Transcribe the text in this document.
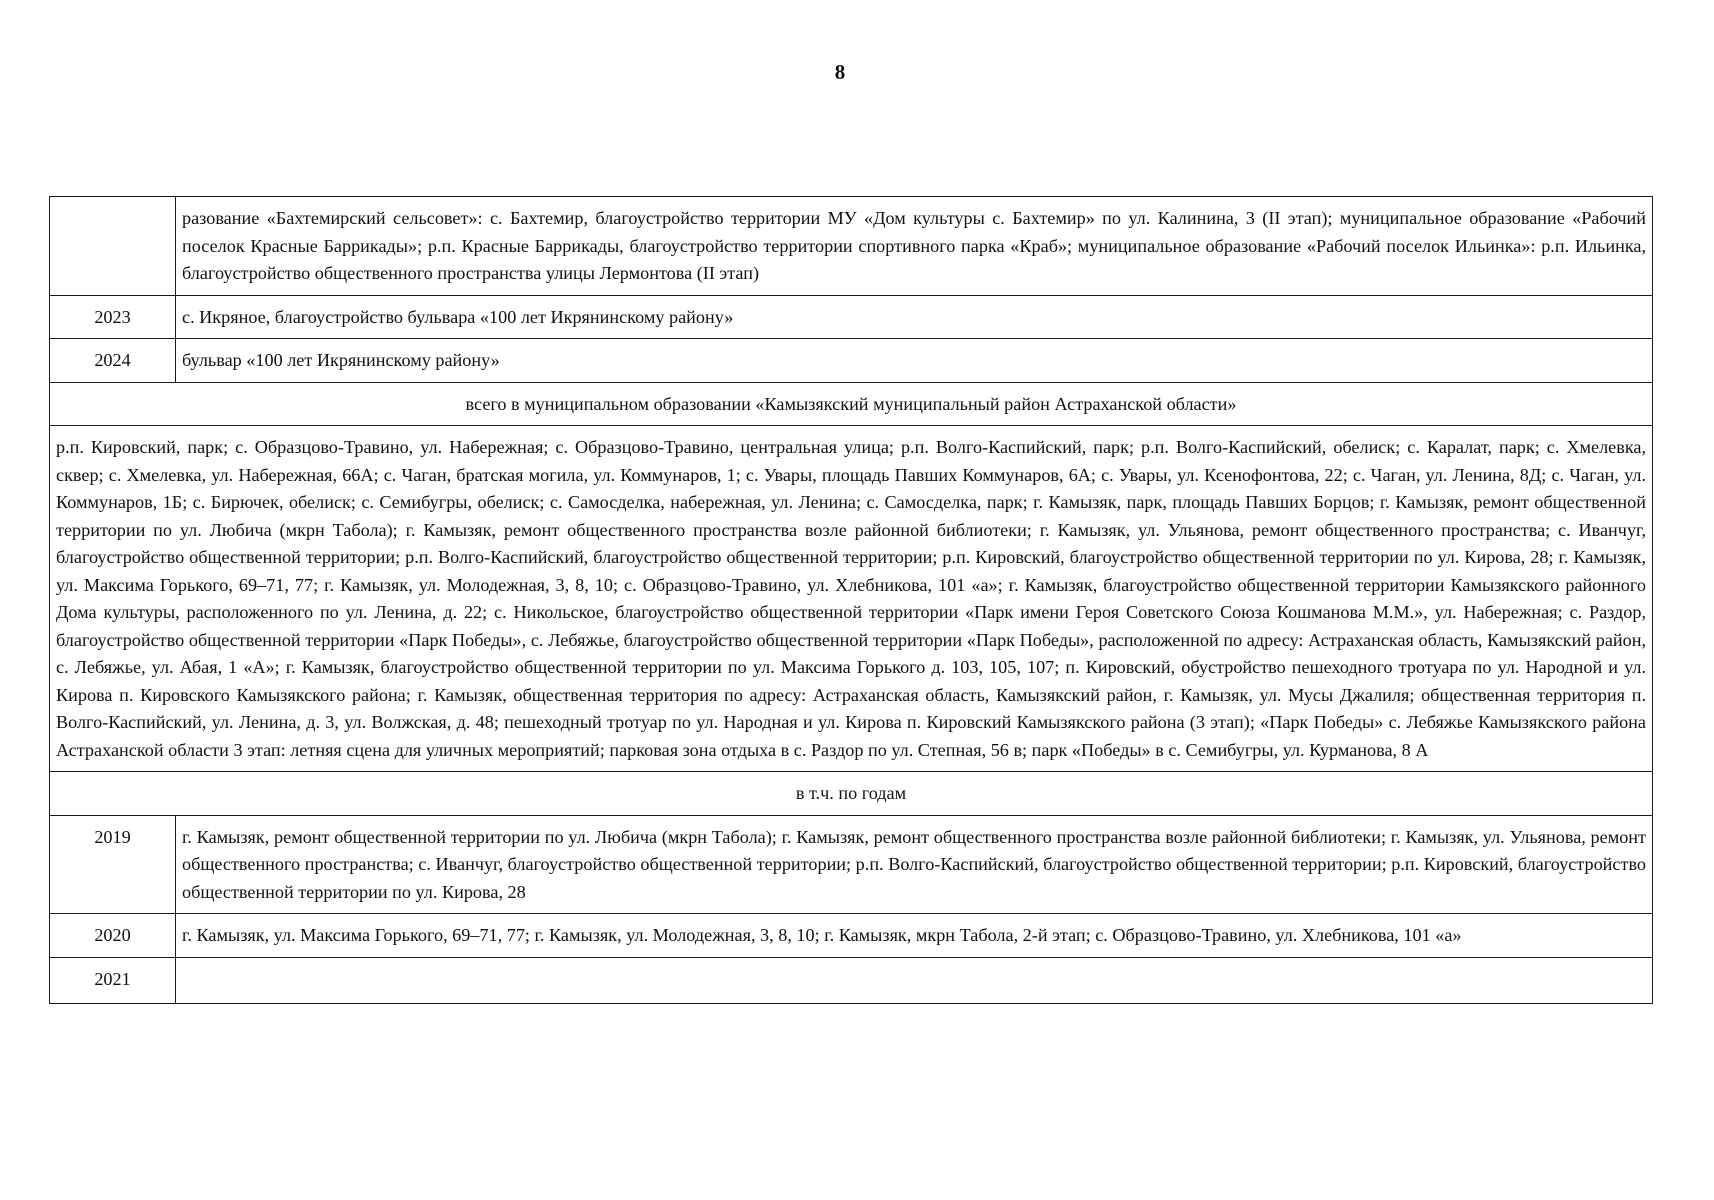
8
	разование «Бахтемирский сельсовет»: с. Бахтемир, благоустройство территории МУ «Дом культуры с. Бахтемир» по ул. Калинина, 3 (II этап); муниципальное образование «Рабочий поселок Красные Баррикады»; р.п. Красные Баррикады, благоустройство территории спортивного парка «Краб»; муниципальное образование «Рабочий поселок Ильинка»: р.п. Ильинка, благоустройство общественного пространства улицы Лермонтова (II этап)
2023	с. Икряное, благоустройство бульвара «100 лет Икрянинскому району»
2024	бульвар «100 лет Икрянинскому району»
всего в муниципальном образовании «Камызякский муниципальный район Астраханской области»	
р.п. Кировский, парк; с. Образцово-Травино, ул. Набережная; с. Образцово-Травино, центральная улица; р.п. Волго-Каспийский, парк; р.п. Волго-Каспийский, обелиск; с. Каралат, парк; с. Хмелевка, сквер; с. Хмелевка, ул. Набережная, 66А; с. Чаган, братская могила, ул. Коммунаров, 1; с. Увары, площадь Павших Коммунаров, 6А; с. Увары, ул. Ксенофонтова, 22; с. Чаган, ул. Ленина, 8Д; с. Чаган, ул. Коммунаров, 1Б; с. Бирючек, обелиск; с. Семибугры, обелиск; с. Самосделка, набережная, ул. Ленина; с. Самосделка, парк; г. Камызяк, парк, площадь Павших Борцов; г. Камызяк, ремонт общественной территории по ул. Любича (мкрн Табола); г. Камызяк, ремонт общественного пространства возле районной библиотеки; г. Камызяк, ул. Ульянова, ремонт общественного пространства; с. Иванчуг, благоустройство общественной территории; р.п. Волго-Каспийский, благоустройство общественной территории; р.п. Кировский, благоустройство общественной территории по ул. Кирова, 28; г. Камызяк, ул. Максима Горького, 69–71, 77; г. Камызяк, ул. Молодежная, 3, 8, 10; с. Образцово-Травино, ул. Хлебникова, 101 «а»; г. Камызяк, благоустройство общественной территории Камызякского районного Дома культуры, расположенного по ул. Ленина, д. 22; с. Никольское, благоустройство общественной территории «Парк имени Героя Советского Союза Кошманова М.М.», ул. Набережная; с. Раздор, благоустройство общественной территории «Парк Победы», с. Лебяжье, благоустройство общественной территории «Парк Победы», расположенной по адресу: Астраханская область, Камызякский район, с. Лебяжье, ул. Абая, 1 «А»; г. Камызяк, благоустройство общественной территории по ул. Максима Горького д. 103, 105, 107; п. Кировский, обустройство пешеходного тротуара по ул. Народной и ул. Кирова п. Кировского Камызякского района; г. Камызяк, общественная территория по адресу: Астраханская область, Камызякский район, г. Камызяк, ул. Мусы Джалиля; общественная территория п. Волго-Каспийский, ул. Ленина, д. 3, ул. Волжская, д. 48; пешеходный тротуар по ул. Народная и ул. Кирова п. Кировский Камызякского района (3 этап); «Парк Победы» с. Лебяжье Камызякского района Астраханской области 3 этап: летняя сцена для уличных мероприятий; парковая зона отдыха в с. Раздор по ул. Степная, 56 в; парк «Победы» в с. Семибугры, ул. Курманова, 8 А	
в т.ч. по годам	
2019	г. Камызяк, ремонт общественной территории по ул. Любича (мкрн Табола); г. Камызяк, ремонт общественного пространства возле районной библиотеки; г. Камызяк, ул. Ульянова, ремонт общественного пространства; с. Иванчуг, благоустройство общественной территории; р.п. Волго-Каспийский, благоустройство общественной территории; р.п. Кировский, благоустройство общественной территории по ул. Кирова, 28
2020	г. Камызяк, ул. Максима Горького, 69–71, 77; г. Камызяк, ул. Молодежная, 3, 8, 10; г. Камызяк, мкрн Табола, 2-й этап; с. Образцово-Травино, ул. Хлебникова, 101 «а»
2021	
